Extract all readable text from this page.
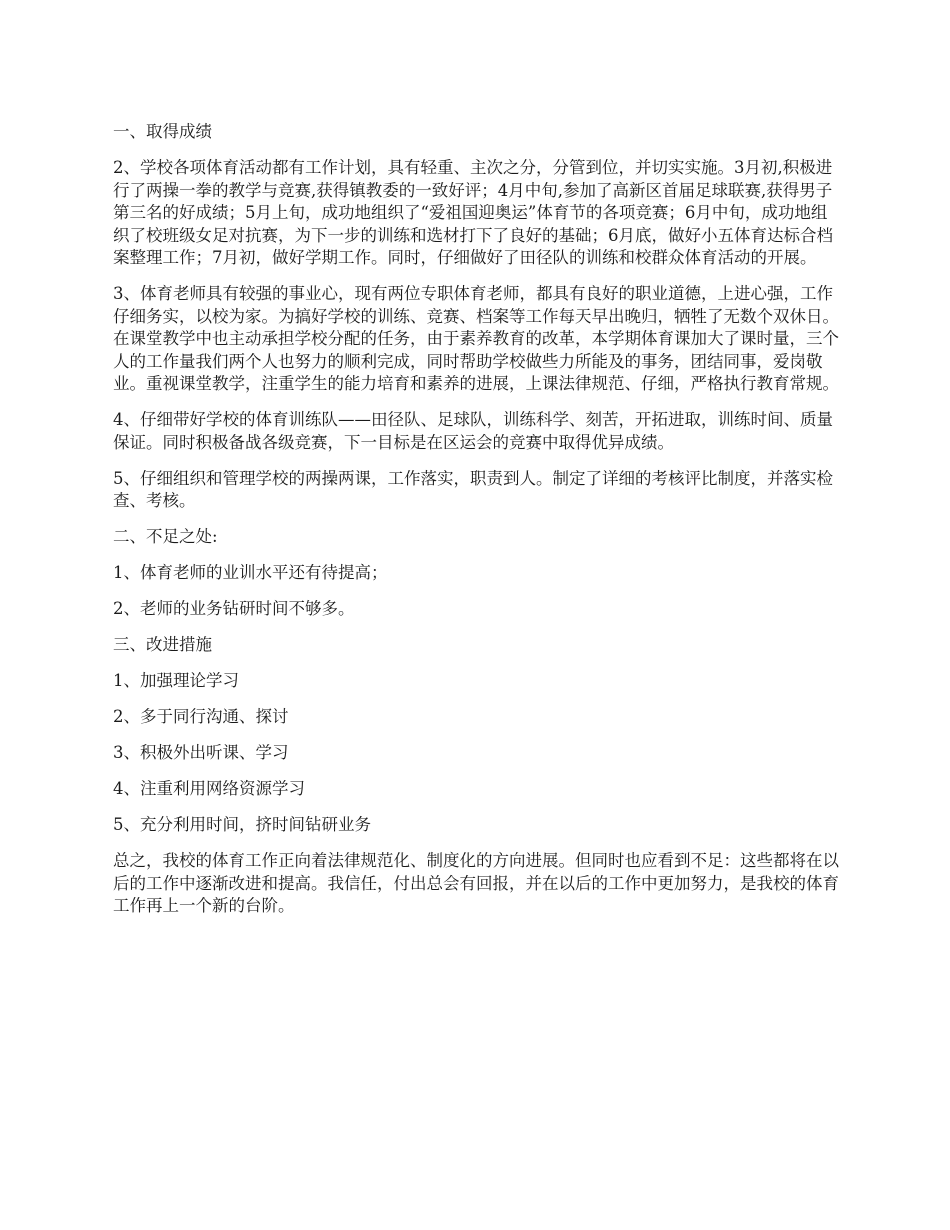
一、取得成绩

2、学校各项体育活动都有工作计划，具有轻重、主次之分，分管到位，并切实实施。3月初,积极进行了两操一拳的教学与竞赛,获得镇教委的一致好评；4月中旬,参加了高新区首届足球联赛,获得男子第三名的好成绩；5月上旬，成功地组织了“爱祖国迎奥运”体育节的各项竞赛；6月中旬，成功地组织了校班级女足对抗赛，为下一步的训练和选材打下了良好的基础；6月底，做好小五体育达标合档案整理工作；7月初，做好学期工作。同时，仔细做好了田径队的训练和校群众体育活动的开展。

3、体育老师具有较强的事业心，现有两位专职体育老师，都具有良好的职业道德，上进心强，工作仔细务实，以校为家。为搞好学校的训练、竞赛、档案等工作每天早出晚归，牺牲了无数个双休日。在课堂教学中也主动承担学校分配的任务，由于素养教育的改革，本学期体育课加大了课时量，三个人的工作量我们两个人也努力的顺利完成，同时帮助学校做些力所能及的事务，团结同事，爱岗敬业。重视课堂教学，注重学生的能力培育和素养的进展，上课法律规范、仔细，严格执行教育常规。

4、仔细带好学校的体育训练队——田径队、足球队，训练科学、刻苦，开拓进取，训练时间、质量保证。同时积极备战各级竞赛，下一目标是在区运会的竞赛中取得优异成绩。

5、仔细组织和管理学校的两操两课，工作落实，职责到人。制定了详细的考核评比制度，并落实检查、考核。

二、不足之处:

1、体育老师的业训水平还有待提高；

2、老师的业务钻研时间不够多。

三、改进措施

1、加强理论学习

2、多于同行沟通、探讨

3、积极外出听课、学习

4、注重利用网络资源学习

5、充分利用时间，挤时间钻研业务

总之，我校的体育工作正向着法律规范化、制度化的方向进展。但同时也应看到不足：这些都将在以后的工作中逐渐改进和提高。我信任，付出总会有回报，并在以后的工作中更加努力，是我校的体育工作再上一个新的台阶。
